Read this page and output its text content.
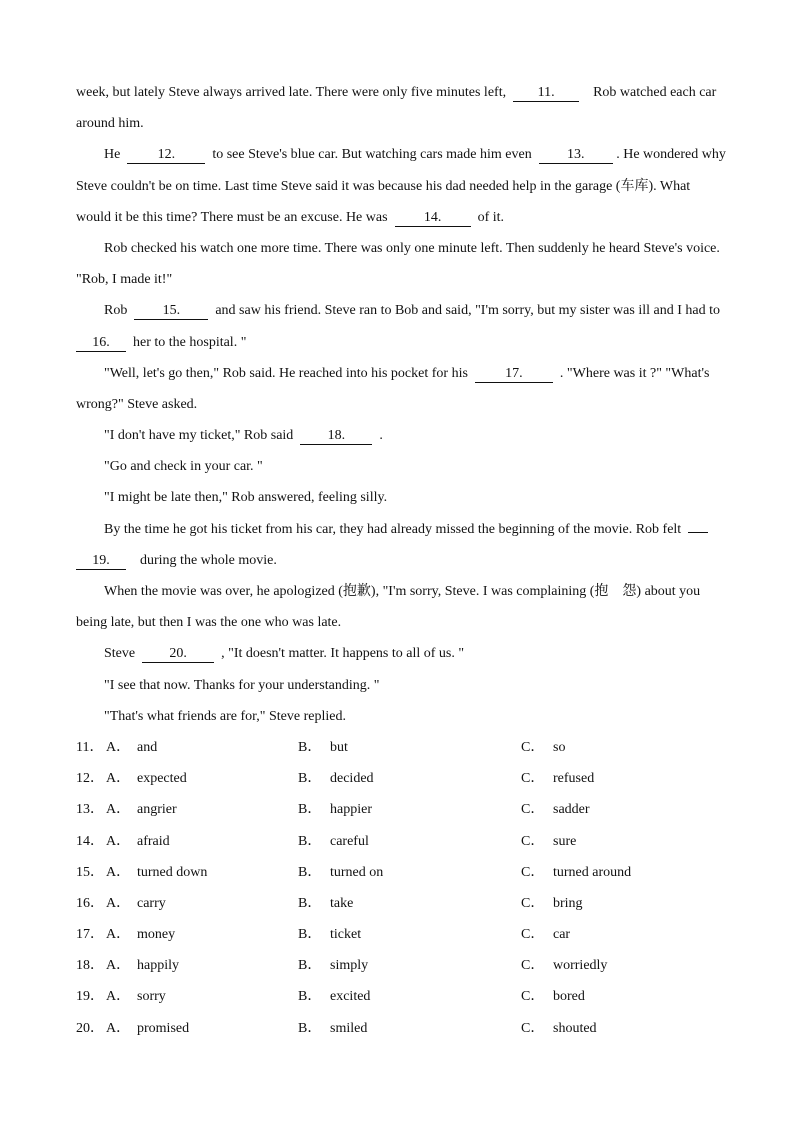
week, but lately Steve always arrived late. There were only five minutes left, 11.	Rob watched each car
around him.
He	12.	to see Steve's blue car. But watching cars made him even	13. . He wondered why
Steve couldn't be on time. Last time Steve said it was because his dad needed help in the garage (车库). What
would it be this time? There must be an excuse. He was	14.	of it.
Rob checked his watch one more time. There was only one minute left. Then suddenly he heard Steve's voice.
"Rob, I made it!"
Rob	15.	and saw his friend. Steve ran to Bob and said, "I'm sorry, but my sister was ill and I had to
16. her to the hospital. "
"Well, let's go then," Rob said. He reached into his pocket for his	17.	. "Where was it ?" "What's
wrong?" Steve asked.
"I don't have my ticket," Rob said 18. .
"Go and check in your car. "
"I might be late then," Rob answered, feeling silly.
By the time he got his ticket from his car, they had already missed the beginning of the movie. Rob felt
19. during the whole movie.
When the movie was over, he apologized (抱歉), "I'm sorry, Steve. I was complaining (抱　怨) about you
being late, but then I was the one who was late.
Steve 20. , "It doesn't matter. It happens to all of us. "
"I see that now. Thanks for your understanding. "
"That's what friends are for," Steve replied.
11． A． and	B． but	C． so
12． A． expected	B． decided	C． refused
13． A． angrier	B． happier	C． sadder
14． A． afraid	B． careful	C． sure
15． A． turned down	B． turned on	C． turned around
16． A． carry	B． take	C． bring
17． A． money	B． ticket	C． car
18． A． happily	B． simply	C． worriedly
19． A． sorry	B． excited	C． bored
20． A． promised	B． smiled	C． shouted
